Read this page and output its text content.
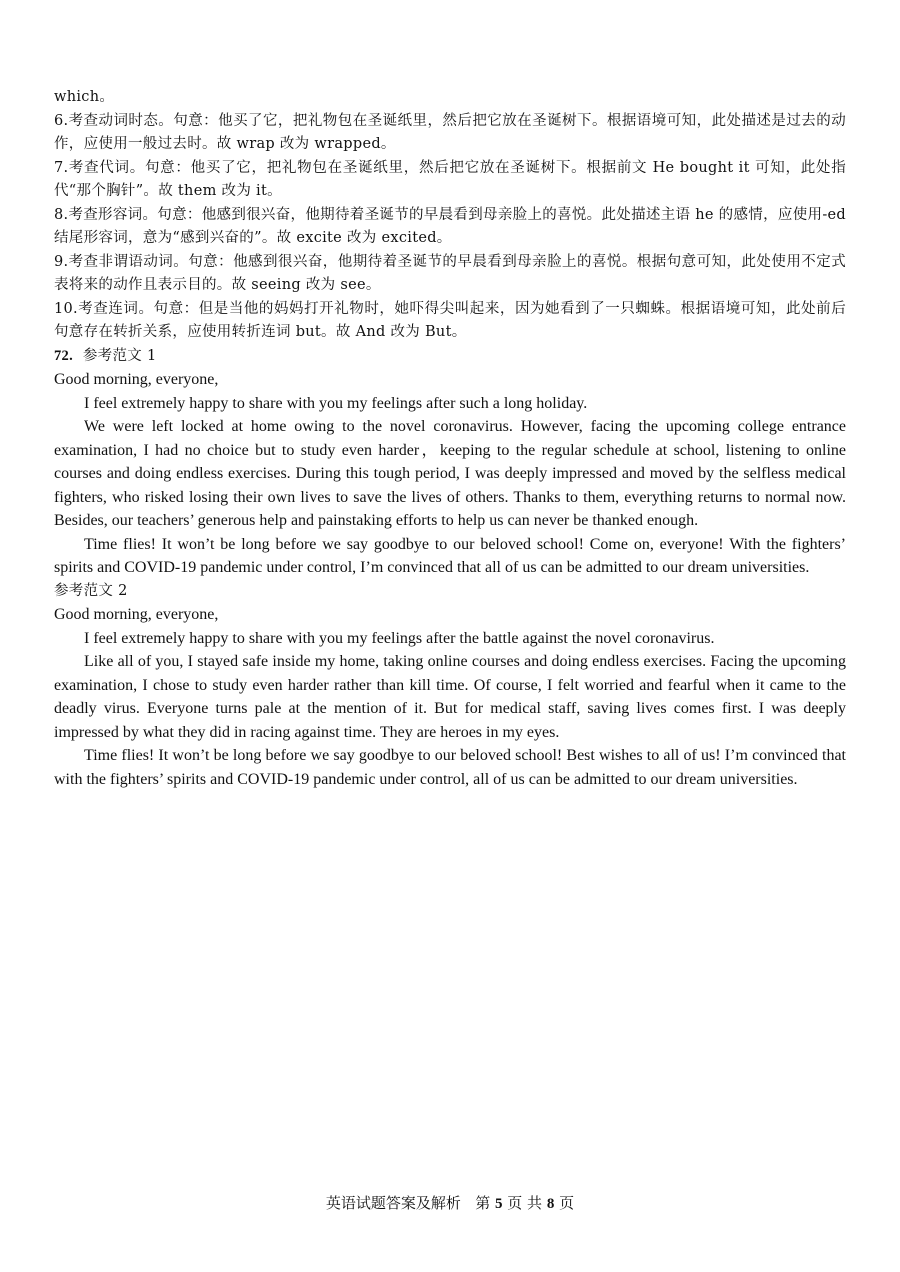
which。

6.考查动词时态。句意：他买了它，把礼物包在圣诞纸里，然后把它放在圣诞树下。根据语境可知，此处描述是过去的动作，应使用一般过去时。故 wrap 改为 wrapped。

7.考查代词。句意：他买了它，把礼物包在圣诞纸里，然后把它放在圣诞树下。根据前文 He bought it 可知，此处指代“那个胸针”。故 them 改为 it。

8.考查形容词。句意：他感到很兴奋，他期待着圣诞节的早晨看到母亲脸上的喜悦。此处描述主语 he 的感情，应使用-ed 结尾形容词，意为“感到兴奋的”。故 excite 改为 excited。

9.考查非谓语动词。句意：他感到很兴奋，他期待着圣诞节的早晨看到母亲脸上的喜悦。根据句意可知，此处使用不定式表将来的动作且表示目的。故 seeing 改为 see。

10.考查连词。句意：但是当他的妈妈打开礼物时，她吓得尖叫起来，因为她看到了一只蜘蛛。根据语境可知，此处前后句意存在转折关系，应使用转折连词 but。故 And 改为 But。

72. 参考范文 1

Good morning, everyone,

I feel extremely happy to share with you my feelings after such a long holiday.

We were left locked at home owing to the novel coronavirus. However, facing the upcoming college entrance examination, I had no choice but to study even harder，keeping to the regular schedule at school, listening to online courses and doing endless exercises. During this tough period, I was deeply impressed and moved by the selfless medical fighters, who risked losing their own lives to save the lives of others. Thanks to them, everything returns to normal now. Besides, our teachers’ generous help and painstaking efforts to help us can never be thanked enough.

Time flies! It won’t be long before we say goodbye to our beloved school! Come on, everyone! With the fighters’ spirits and COVID-19 pandemic under control, I’m convinced that all of us can be admitted to our dream universities.

参考范文 2

Good morning, everyone,

I feel extremely happy to share with you my feelings after the battle against the novel coronavirus.

Like all of you, I stayed safe inside my home, taking online courses and doing endless exercises. Facing the upcoming examination, I chose to study even harder rather than kill time. Of course, I felt worried and fearful when it came to the deadly virus. Everyone turns pale at the mention of it. But for medical staff, saving lives comes first. I was deeply impressed by what they did in racing against time. They are heroes in my eyes.

Time flies! It won’t be long before we say goodbye to our beloved school! Best wishes to all of us! I’m convinced that with the fighters’ spirits and COVID-19 pandemic under control, all of us can be admitted to our dream universities.

英语试题答案及解析 第 5 页 共 8 页
